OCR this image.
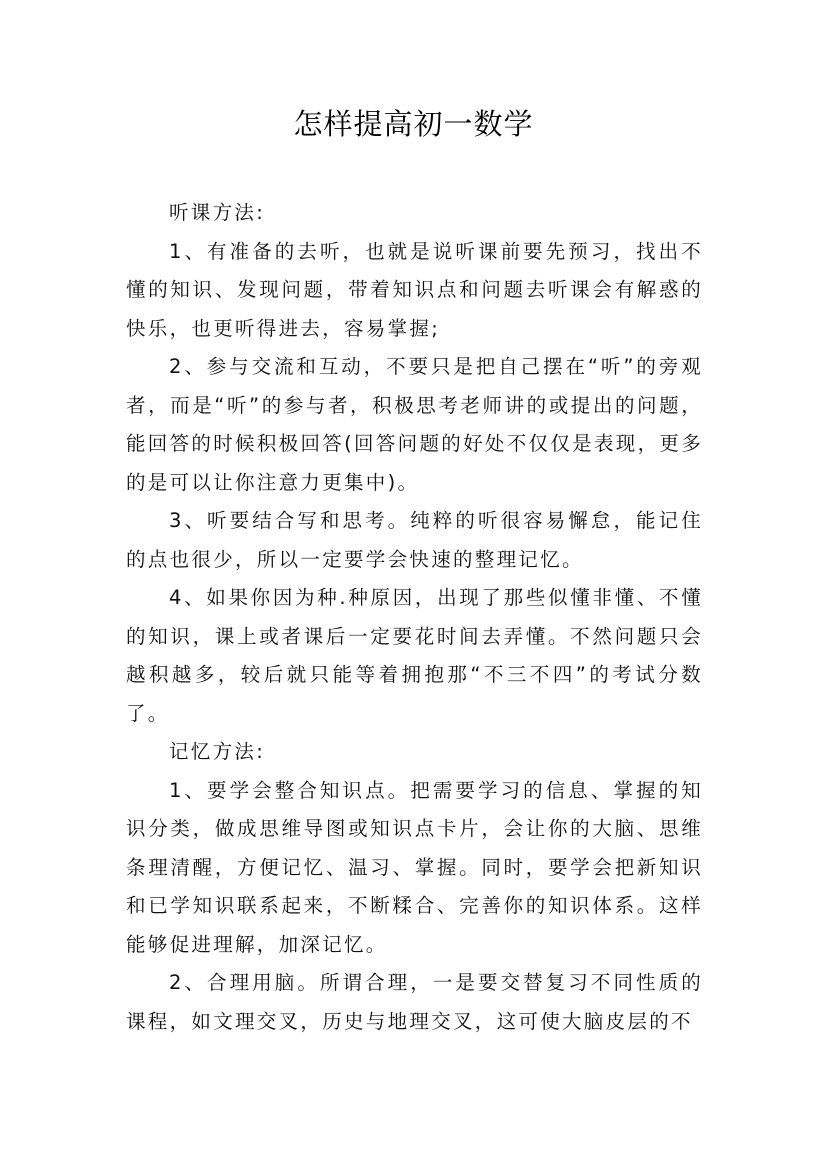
怎样提高初一数学

听课方法:

1、有准备的去听，也就是说听课前要先预习，找出不懂的知识、发现问题，带着知识点和问题去听课会有解惑的快乐，也更听得进去，容易掌握;

2、参与交流和互动，不要只是把自己摆在“听”的旁观者，而是“听”的参与者，积极思考老师讲的或提出的问题，能回答的时候积极回答(回答问题的好处不仅仅是表现，更多的是可以让你注意力更集中)。

3、听要结合写和思考。纯粹的听很容易懈怠，能记住的点也很少，所以一定要学会快速的整理记忆。

4、如果你因为种.种原因，出现了那些似懂非懂、不懂的知识，课上或者课后一定要花时间去弄懂。不然问题只会越积越多，较后就只能等着拥抱那“不三不四”的考试分数了。

记忆方法:

1、要学会整合知识点。把需要学习的信息、掌握的知识分类，做成思维导图或知识点卡片，会让你的大脑、思维条理清醒，方便记忆、温习、掌握。同时，要学会把新知识和已学知识联系起来，不断糅合、完善你的知识体系。这样能够促进理解，加深记忆。

2、合理用脑。所谓合理，一是要交替复习不同性质的课程，如文理交叉，历史与地理交叉，这可使大脑皮层的不
